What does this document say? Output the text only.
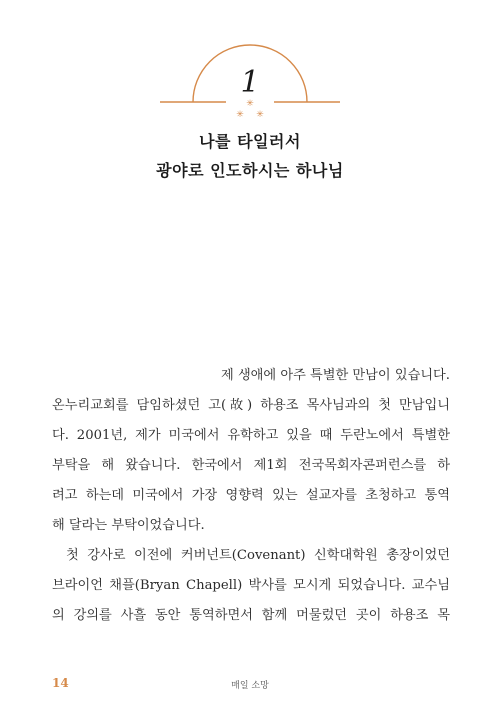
1
✳
✳ ✳
나를 타일러서
광야로 인도하시는 하나님
제 생애에 아주 특별한 만남이 있습니다.
온누리교회를 담임하셨던 고(故) 하용조 목사님과의 첫 만남입니
다. 2001년, 제가 미국에서 유학하고 있을 때 두란노에서 특별한
부탁을 해 왔습니다. 한국에서 제1회 전국목회자콘퍼런스를 하
려고 하는데 미국에서 가장 영향력 있는 설교자를 초청하고 통역
해 달라는 부탁이었습니다.
첫 강사로 이전에 커버넌트(Covenant) 신학대학원 총장이었던
브라이언 채플(Bryan Chapell) 박사를 모시게 되었습니다. 교수님
의 강의를 사흘 동안 통역하면서 함께 머물렀던 곳이 하용조 목
14	매일 소망
